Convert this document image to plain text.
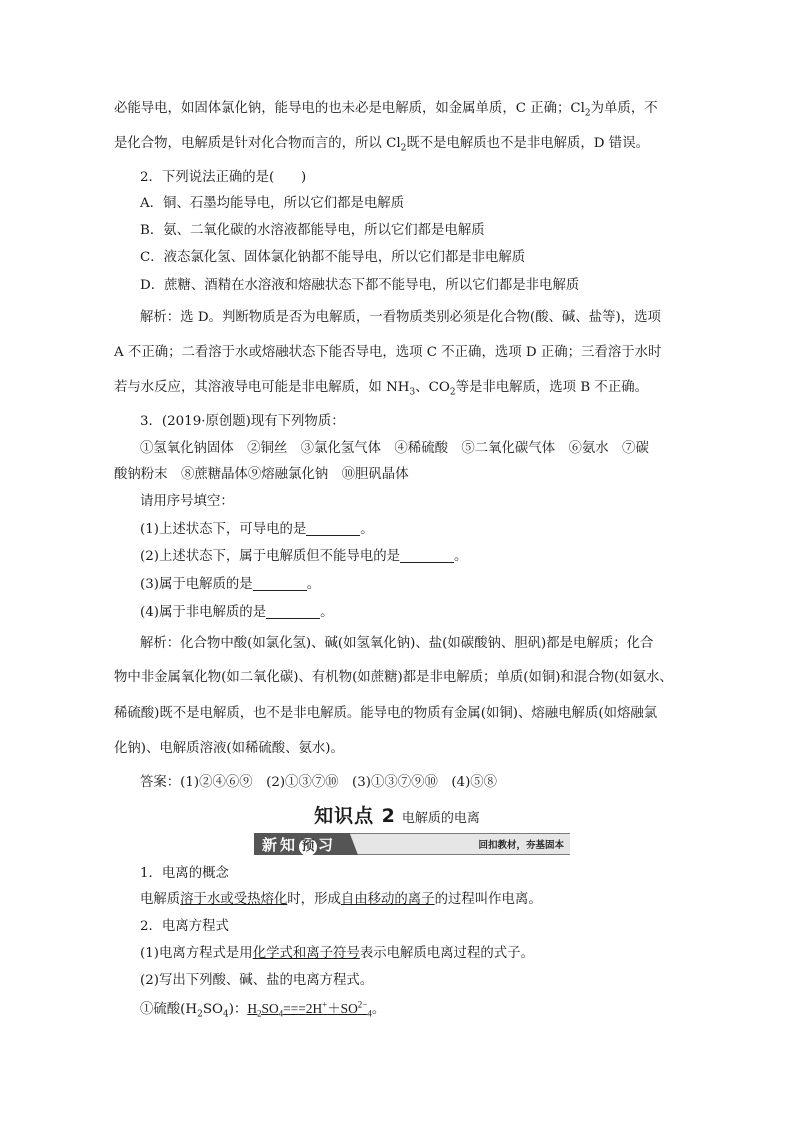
必能导电，如固体氯化钠，能导电的也未必是电解质，如金属单质，C 正确；$Cl_2$为单质，不
是化合物，电解质是针对化合物而言的，所以 $Cl_2$既不是电解质也不是非电解质，D 错误。
2．下列说法正确的是(　　)
A．铜、石墨均能导电，所以它们都是电解质
B．氨、二氧化碳的水溶液都能导电，所以它们都是电解质
C．液态氯化氢、固体氯化钠都不能导电，所以它们都是非电解质
D．蔗糖、酒精在水溶液和熔融状态下都不能导电，所以它们都是非电解质
解析：选 D。判断物质是否为电解质，一看物质类别必须是化合物(酸、碱、盐等)，选项
A 不正确；二看溶于水或熔融状态下能否导电，选项 C 不正确，选项 D 正确；三看溶于水时
若与水反应，其溶液导电可能是非电解质，如 $NH_3$、$CO_2$等是非电解质，选项 B 不正确。
3．(2019·原创题)现有下列物质：
①氢氧化钠固体　②铜丝　③氯化氢气体　④稀硫酸　⑤二氧化碳气体　⑥氨水　⑦碳
酸钠粉末　⑧蔗糖晶体⑨熔融氯化钠　⑩胆矾晶体
请用序号填空：
(1)上述状态下，可导电的是	。
(2)上述状态下，属于电解质但不能导电的是	。
(3)属于电解质的是	。
(4)属于非电解质的是	。
解析：化合物中酸(如氯化氢)、碱(如氢氧化钠)、盐(如碳酸钠、胆矾)都是电解质；化合
物中非金属氧化物(如二氧化碳)、有机物(如蔗糖)都是非电解质；单质(如铜)和混合物(如氨水、
稀硫酸)既不是电解质，也不是非电解质。能导电的物质有金属(如铜)、熔融电解质(如熔融氯
化钠)、电解质溶液(如稀硫酸、氨水)。
答案：(1)②④⑥⑨　(2)①③⑦⑩　(3)①③⑦⑨⑩　(4)⑤⑧
知识点 2 电解质的电离
新知 预 习	回扣教材，夯基固本
1．电离的概念
电解质溶于水或受热熔化时，形成自由移动的离子的过程叫作电离。
2．电离方程式
(1)电离方程式是用化学式和离子符号表示电解质电离过程的式子。
(2)写出下列酸、碱、盐的电离方程式。
①硫酸$(H_2SO_4)$：$H_2SO_4===2H^++SO^{2-}_4$。
